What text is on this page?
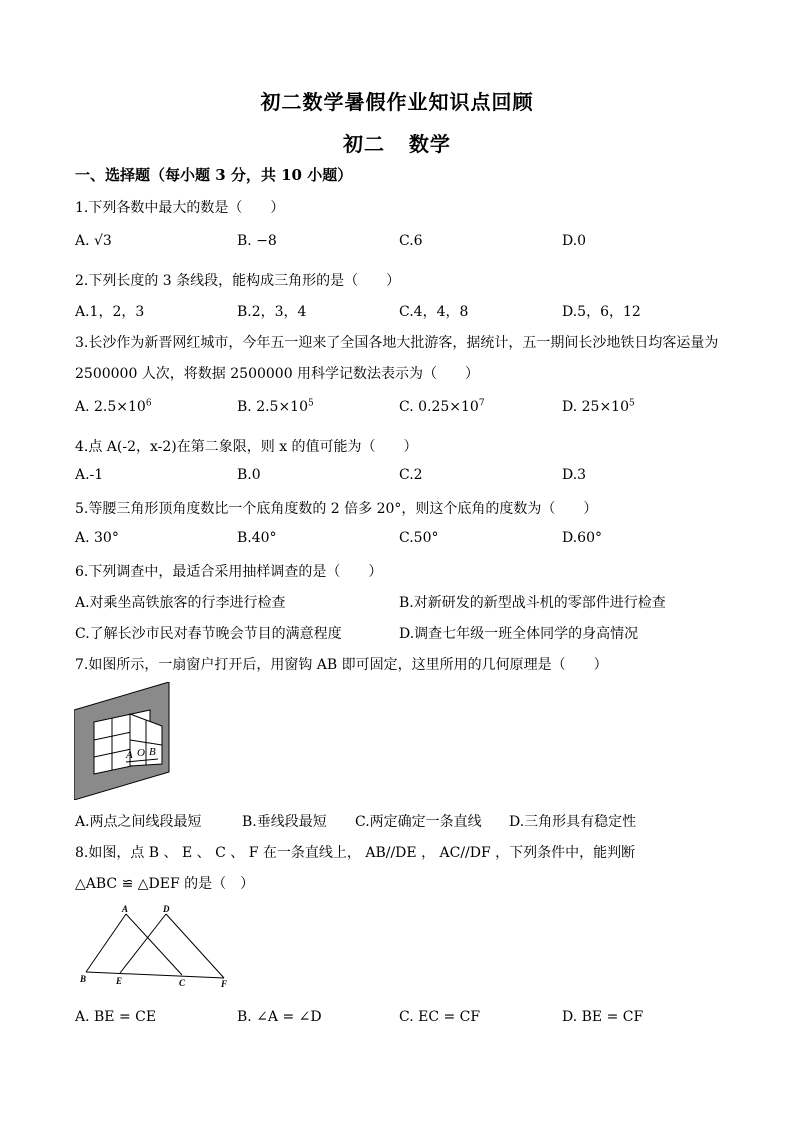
初二数学暑假作业知识点回顾
初二   数学
一、选择题（每小题 3 分，共 10 小题）
1.下列各数中最大的数是（　　）
A. √3	B. −8	C.6	D.0
2.下列长度的 3 条线段，能构成三角形的是（　　）
A.1，2，3	B.2，3，4	C.4，4，8	D.5，6，12
3.长沙作为新晋网红城市，今年五一迎来了全国各地大批游客，据统计，五一期间长沙地铁日均客运量为
2500000 人次，将数据 2500000 用科学记数法表示为（　　）
A. $2.5\times 10^6$	B. $2.5\times 10^5$	C. $0.25\times 10^7$	D. $25\times 10^5$
4.点 A(-2，x-2)在第二象限，则 x 的值可能为（　　）
A.-1	B.0	C.2	D.3
5.等腰三角形顶角度数比一个底角度数的 2 倍多 20°，则这个底角的度数为（　　）
A. 30°	B.40°	C.50°	D.60°
6.下列调查中，最适合采用抽样调查的是（　　）
A.对乘坐高铁旅客的行李进行检查	B.对新研发的新型战斗机的零部件进行检查
C.了解长沙市民对春节晚会节目的满意程度	D.调查七年级一班全体同学的身高情况
7.如图所示，一扇窗户打开后，用窗钩 AB 即可固定，这里所用的几何原理是（　　）
A O B
A.两点之间线段最短	B.垂线段最短 C.两定确定一条直线 D.三角形具有稳定性
8.如图，点 B 、 E 、 C 、 F 在一条直线上， AB//DE ， AC//DF ，下列条件中，能判断
△ABC ≌ △DEF 的是（　）
A	D
B	E	C	F
A. BE = CE	B. ∠A = ∠D	C. EC = CF	D. BE = CF
